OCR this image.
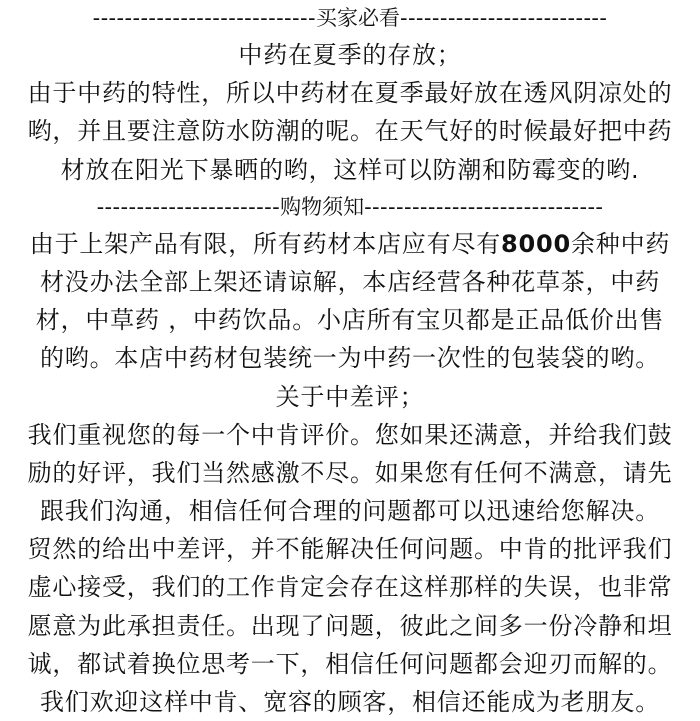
----------------------------买家必看--------------------------
中药在夏季的存放；
由于中药的特性，所以中药材在夏季最好放在透风阴凉处的
哟，并且要注意防水防潮的呢。在天气好的时候最好把中药
材放在阳光下暴晒的哟，这样可以防潮和防霉变的哟.
-----------------------购物须知------------------------------
由于上架产品有限，所有药材本店应有尽有8000余种中药
材没办法全部上架还请谅解，本店经营各种花草茶，中药
材，中草药 ，中药饮品。小店所有宝贝都是正品低价出售
的哟。本店中药材包装统一为中药一次性的包装袋的哟。
关于中差评；
我们重视您的每一个中肯评价。您如果还满意，并给我们鼓
励的好评，我们当然感激不尽。如果您有任何不满意，请先
跟我们沟通，相信任何合理的问题都可以迅速给您解决。
贸然的给出中差评，并不能解决任何问题。中肯的批评我们
虚心接受，我们的工作肯定会存在这样那样的失误，也非常
愿意为此承担责任。出现了问题，彼此之间多一份冷静和坦
诚，都试着换位思考一下，相信任何问题都会迎刃而解的。
我们欢迎这样中肯、宽容的顾客，相信还能成为老朋友。
